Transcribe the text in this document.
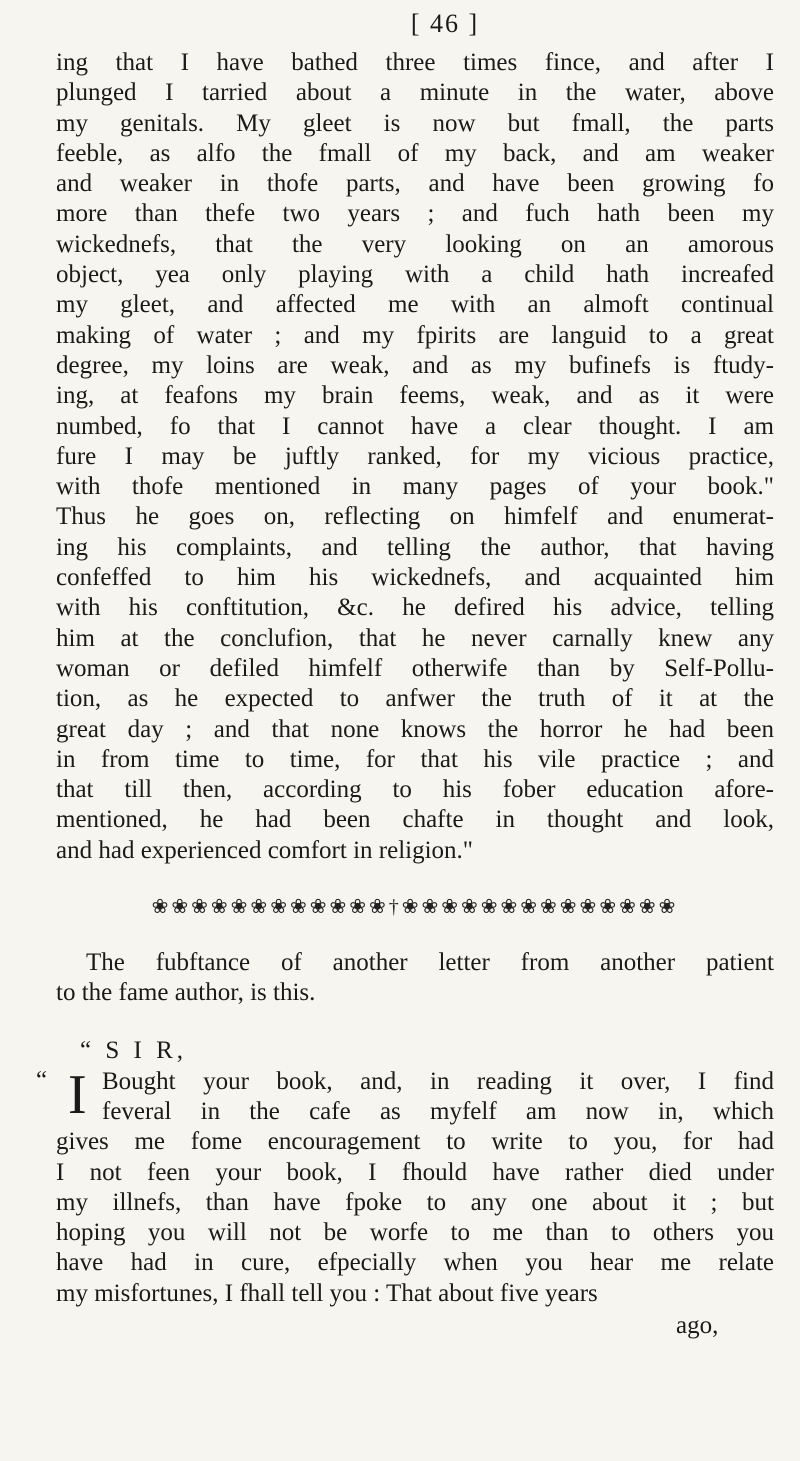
[ 46 ]
ing that I have bathed three times fince, and after I
plunged I tarried about a minute in the water, above
my genitals. My gleet is now but fmall, the parts
feeble, as alfo the fmall of my back, and am weaker
and weaker in thofe parts, and have been growing fo
more than thefe two years ; and fuch hath been my
wickednefs, that the very looking on an amorous
object, yea only playing with a child hath increafed
my gleet, and affected me with an almoft continual
making of water ; and my fpirits are languid to a great
degree, my loins are weak, and as my bufinefs is ftudy-
ing, at feafons my brain feems, weak, and as it were
numbed, fo that I cannot have a clear thought. I am
fure I may be juftly ranked, for my vicious practice,
with thofe mentioned in many pages of your book."
Thus he goes on, reflecting on himfelf and enumerat-
ing his complaints, and telling the author, that having
confeffed to him his wickednefs, and acquainted him
with his conftitution, &c. he defired his advice, telling
him at the conclufion, that he never carnally knew any
woman or defiled himfelf otherwife than by Self-Pollu-
tion, as he expected to anfwer the truth of it at the
great day ; and that none knows the horror he had been
in from time to time, for that his vile practice ; and
that till then, according to his fober education afore-
mentioned, he had been chafte in thought and look,
and had experienced comfort in religion."
❀❀❀❀❀❀❀❀❀❀❀❀†❀❀❀❀❀❀❀❀❀❀❀❀❀❀
The fubftance of another letter from another patient
to the fame author, is this.
“ S I R,
“ I Bought your book, and, in reading it over, I find
feveral in the cafe as myfelf am now in, which
gives me fome encouragement to write to you, for had
I not feen your book, I fhould have rather died under
my illnefs, than have fpoke to any one about it ; but
hoping you will not be worfe to me than to others you
have had in cure, efpecially when you hear me relate
my misfortunes, I fhall tell you : That about five years
ago,
